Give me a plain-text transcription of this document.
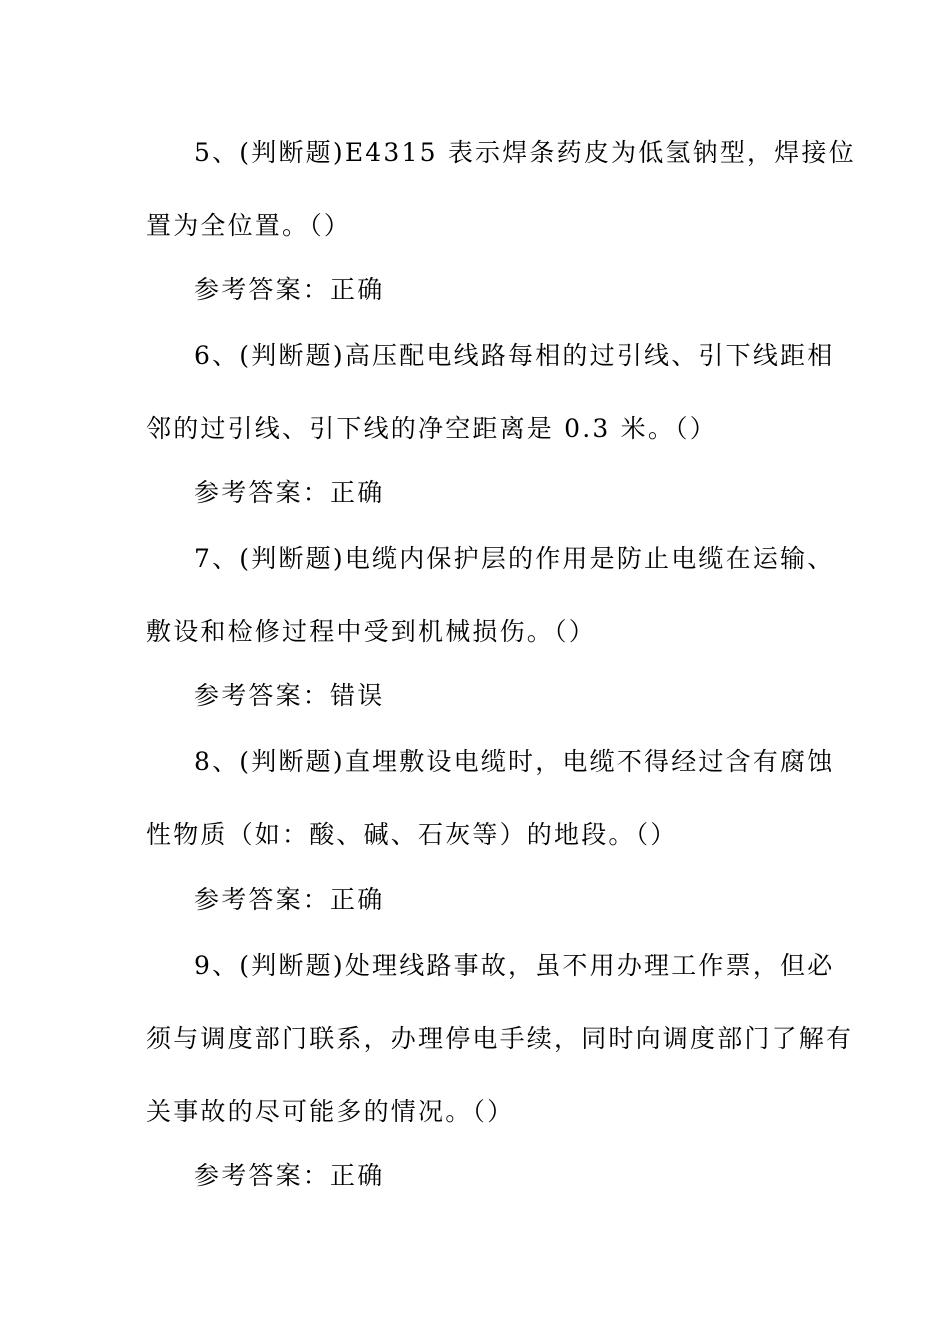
5、(判断题)E4315 表示焊条药皮为低氢钠型，焊接位
置为全位置。（）
参考答案：正确
6、(判断题)高压配电线路每相的过引线、引下线距相
邻的过引线、引下线的净空距离是 0.3 米。（）
参考答案：正确
7、(判断题)电缆内保护层的作用是防止电缆在运输、
敷设和检修过程中受到机械损伤。（）
参考答案：错误
8、(判断题)直埋敷设电缆时，电缆不得经过含有腐蚀
性物质（如：酸、碱、石灰等）的地段。（）
参考答案：正确
9、(判断题)处理线路事故，虽不用办理工作票，但必
须与调度部门联系，办理停电手续，同时向调度部门了解有
关事故的尽可能多的情况。（）
参考答案：正确
